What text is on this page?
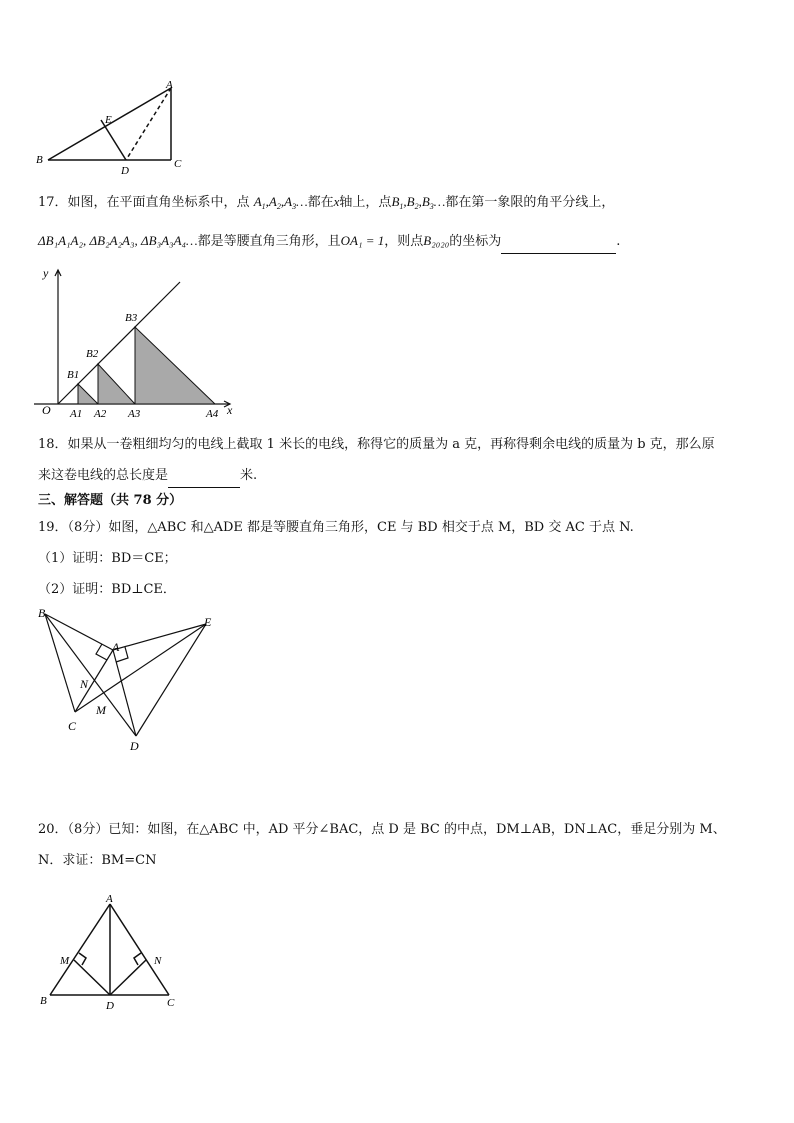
A
B	C
D
E
17．如图，在平面直角坐标系中，点 $A_1,A_2,A_3\dots$都在x轴上，点$B_1,B_2,B_3\dots$都在第一象限的角平分线上，
ΔB₁A₁A₂, ΔB₂A₂A₃, ΔB₃A₃A₄…都是等腰直角三角形，且OA₁ = 1，则点B₂₀₂₀的坐标为	.
y
x
O A1 A2 A3	A4
B1
B2
B3
18．如果从一卷粗细均匀的电线上截取 1 米长的电线，称得它的质量为 a 克，再称得剩余电线的质量为 b 克，那么原
来这卷电线的总长度是	米.
三、解答题（共 78 分）
19．（8分）如图，△ABC 和△ADE 都是等腰直角三角形，CE 与 BD 相交于点 M，BD 交 AC 于点 N.
（1）证明：BD＝CE；
（2）证明：BD⊥CE．
B
E
A
N
M
C
D
20．（8分）已知：如图，在△ABC 中，AD 平分∠BAC，点 D 是 BC 的中点，DM⊥AB，DN⊥AC，垂足分别为 M、
N．求证：BM=CN
A
M	N
B	D	C
